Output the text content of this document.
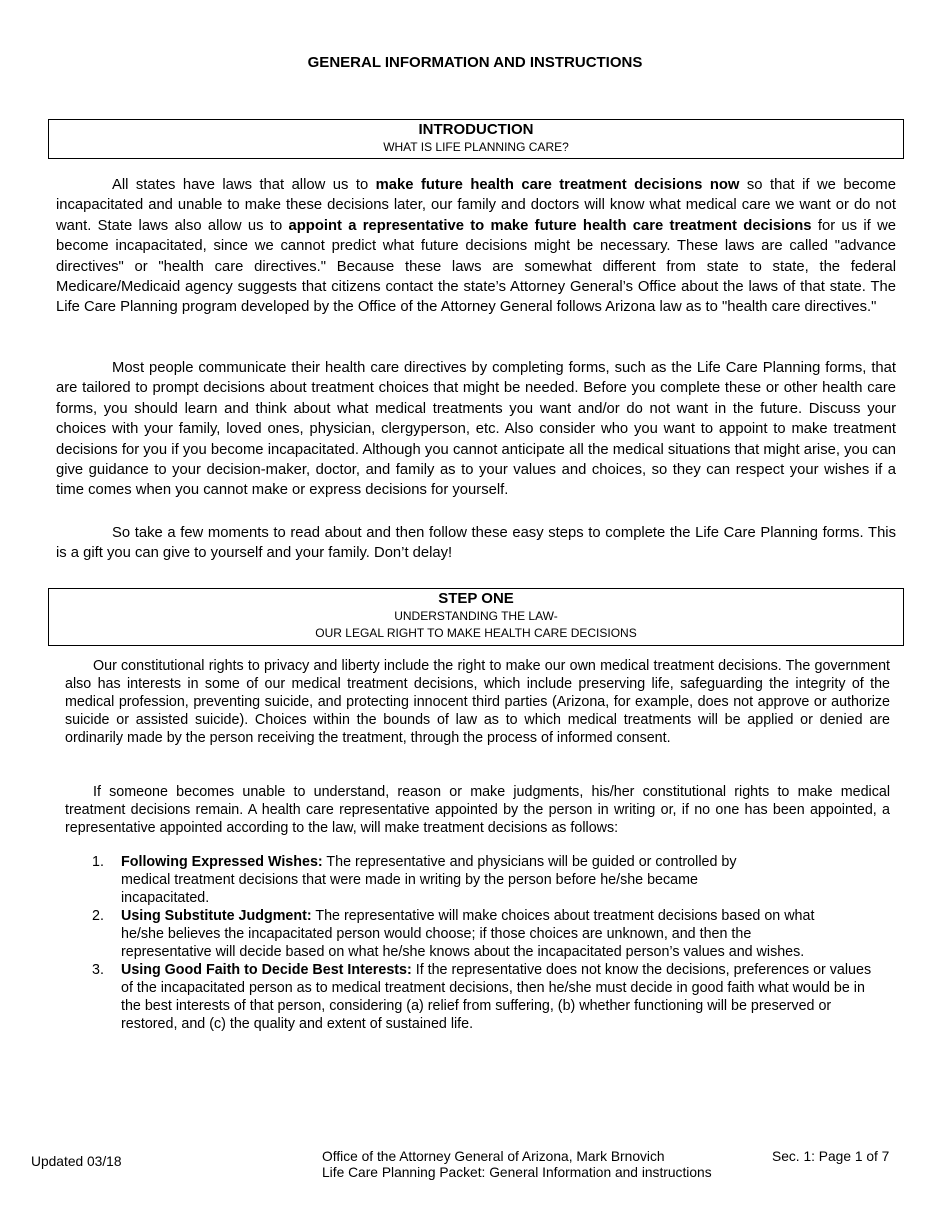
GENERAL INFORMATION AND INSTRUCTIONS
INTRODUCTION
WHAT IS LIFE PLANNING CARE?

All states have laws that allow us to make future health care treatment decisions now so that if we become incapacitated and unable to make these decisions later, our family and doctors will know what medical care we want or do not want. State laws also allow us to appoint a representative to make future health care treatment decisions for us if we become incapacitated, since we cannot predict what future decisions might be necessary. These laws are called "advance directives" or "health care directives." Because these laws are somewhat different from state to state, the federal Medicare/Medicaid agency suggests that citizens contact the state’s Attorney General’s Office about the laws of that state. The Life Care Planning program developed by the Office of the Attorney General follows Arizona law as to "health care directives."

Most people communicate their health care directives by completing forms, such as the Life Care Planning forms, that are tailored to prompt decisions about treatment choices that might be needed. Before you complete these or other health care forms, you should learn and think about what medical treatments you want and/or do not want in the future. Discuss your choices with your family, loved ones, physician, clergyperson, etc. Also consider who you want to appoint to make treatment decisions for you if you become incapacitated. Although you cannot anticipate all the medical situations that might arise, you can give guidance to your decision-maker, doctor, and family as to your values and choices, so they can respect your wishes if a time comes when you cannot make or express decisions for yourself.

So take a few moments to read about and then follow these easy steps to complete the Life Care Planning forms. This is a gift you can give to yourself and your family. Don’t delay!

STEP ONE
UNDERSTANDING THE LAW-
OUR LEGAL RIGHT TO MAKE HEALTH CARE DECISIONS

Our constitutional rights to privacy and liberty include the right to make our own medical treatment decisions. The government also has interests in some of our medical treatment decisions, which include preserving life, safeguarding the integrity of the medical profession, preventing suicide, and protecting innocent third parties (Arizona, for example, does not approve or authorize suicide or assisted suicide). Choices within the bounds of law as to which medical treatments will be applied or denied are ordinarily made by the person receiving the treatment, through the process of informed consent.

If someone becomes unable to understand, reason or make judgments, his/her constitutional rights to make medical treatment decisions remain. A health care representative appointed by the person in writing or, if no one has been appointed, a representative appointed according to the law, will make treatment decisions as follows:

1. Following Expressed Wishes: The representative and physicians will be guided or controlled by medical treatment decisions that were made in writing by the person before he/she became incapacitated.
2. Using Substitute Judgment: The representative will make choices about treatment decisions based on what he/she believes the incapacitated person would choose; if those choices are unknown, and then the representative will decide based on what he/she knows about the incapacitated person’s values and wishes.
3. Using Good Faith to Decide Best Interests: If the representative does not know the decisions, preferences or values of the incapacitated person as to medical treatment decisions, then he/she must decide in good faith what would be in the best interests of that person, considering (a) relief from suffering, (b) whether functioning will be preserved or restored, and (c) the quality and extent of sustained life.
Updated 03/18	Office of the Attorney General of Arizona, Mark Brnovich
Life Care Planning Packet: General Information and instructions
Sec. 1: Page 1 of 7
